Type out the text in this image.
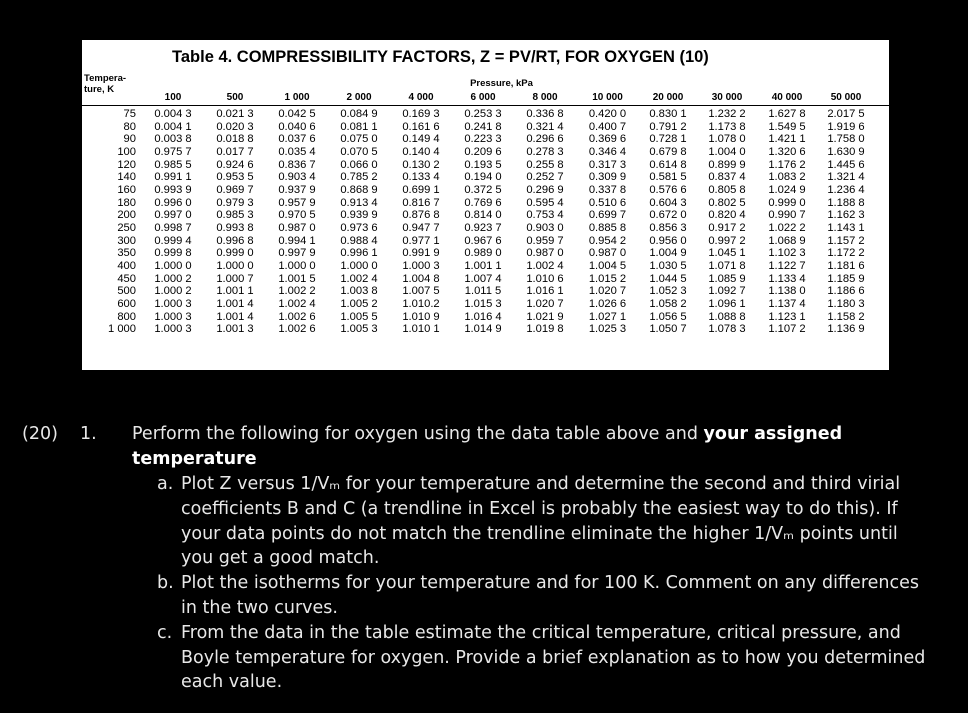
Table 4. COMPRESSIBILITY FACTORS, Z = PV/RT, FOR OXYGEN (10)
Tempera-
ture, K
Pressure, kPa
	100	500	1 000	2 000	4 000	6 000	8 000	10 000	20 000	30 000	40 000	50 000
75	0.004 3	0.021 3	0.042 5	0.084 9	0.169 3	0.253 3	0.336 8	0.420 0	0.830 1	1.232 2	1.627 8	2.017 5
80	0.004 1	0.020 3	0.040 6	0.081 1	0.161 6	0.241 8	0.321 4	0.400 7	0.791 2	1.173 8	1.549 5	1.919 6
90	0.003 8	0.018 8	0.037 6	0.075 0	0.149 4	0.223 3	0.296 6	0.369 6	0.728 1	1.078 0	1.421 1	1.758 0
100	0.975 7	0.017 7	0.035 4	0.070 5	0.140 4	0.209 6	0.278 3	0.346 4	0.679 8	1.004 0	1.320 6	1.630 9
120	0.985 5	0.924 6	0.836 7	0.066 0	0.130 2	0.193 5	0.255 8	0.317 3	0.614 8	0.899 9	1.176 2	1.445 6
140	0.991 1	0.953 5	0.903 4	0.785 2	0.133 4	0.194 0	0.252 7	0.309 9	0.581 5	0.837 4	1.083 2	1.321 4
160	0.993 9	0.969 7	0.937 9	0.868 9	0.699 1	0.372 5	0.296 9	0.337 8	0.576 6	0.805 8	1.024 9	1.236 4
180	0.996 0	0.979 3	0.957 9	0.913 4	0.816 7	0.769 6	0.595 4	0.510 6	0.604 3	0.802 5	0.999 0	1.188 8
200	0.997 0	0.985 3	0.970 5	0.939 9	0.876 8	0.814 0	0.753 4	0.699 7	0.672 0	0.820 4	0.990 7	1.162 3
250	0.998 7	0.993 8	0.987 0	0.973 6	0.947 7	0.923 7	0.903 0	0.885 8	0.856 3	0.917 2	1.022 2	1.143 1
300	0.999 4	0.996 8	0.994 1	0.988 4	0.977 1	0.967 6	0.959 7	0.954 2	0.956 0	0.997 2	1.068 9	1.157 2
350	0.999 8	0.999 0	0.997 9	0.996 1	0.991 9	0.989 0	0.987 0	0.987 0	1.004 9	1.045 1	1.102 3	1.172 2
400	1.000 0	1.000 0	1.000 0	1.000 0	1.000 3	1.001 1	1.002 4	1.004 5	1.030 5	1.071 8	1.122 7	1.181 6
450	1.000 2	1.000 7	1.001 5	1.002 4	1.004 8	1.007 4	1.010 6	1.015 2	1.044 5	1.085 9	1.133 4	1.185 9
500	1.000 2	1.001 1	1.002 2	1.003 8	1.007 5	1.011 5	1.016 1	1.020 7	1.052 3	1.092 7	1.138 0	1.186 6
600	1.000 3	1.001 4	1.002 4	1.005 2	1.010.2	1.015 3	1.020 7	1.026 6	1.058 2	1.096 1	1.137 4	1.180 3
800	1.000 3	1.001 4	1.002 6	1.005 5	1.010 9	1.016 4	1.021 9	1.027 1	1.056 5	1.088 8	1.123 1	1.158 2
1 000	1.000 3	1.001 3	1.002 6	1.005 3	1.010 1	1.014 9	1.019 8	1.025 3	1.050 7	1.078 3	1.107 2	1.136 9
(20) 1. Perform the following for oxygen using the data table above and your assigned temperature
a. Plot Z versus 1/Vₘ for your temperature and determine the second and third virial coefficients B and C (a trendline in Excel is probably the easiest way to do this). If your data points do not match the trendline eliminate the higher 1/Vₘ points until you get a good match.
b. Plot the isotherms for your temperature and for 100 K. Comment on any differences in the two curves.
c. From the data in the table estimate the critical temperature, critical pressure, and Boyle temperature for oxygen. Provide a brief explanation as to how you determined each value.
